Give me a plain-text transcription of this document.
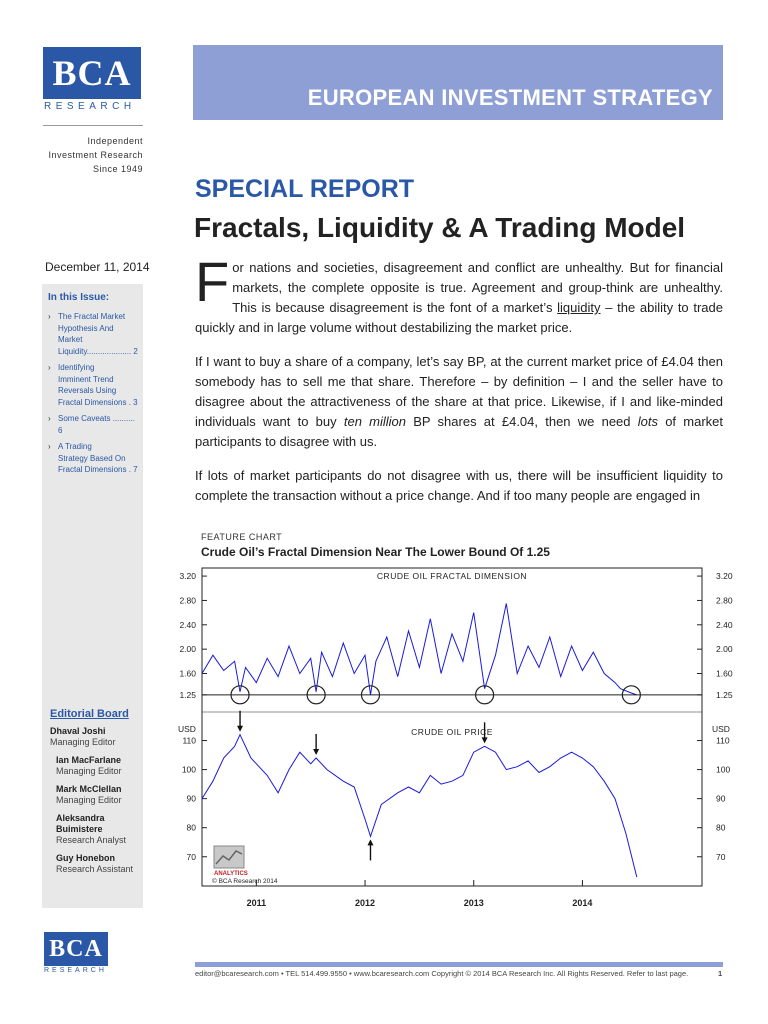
BCA
RESEARCH
Independent
Investment Research
Since 1949
EUROPEAN INVESTMENT STRATEGY
December 11, 2014
In this Issue:
› The Fractal Market
Hypothesis And Market
Liquidity.................... 2
› Identifying
Imminent Trend
Reversals Using
Fractal Dimensions . 3
› Some Caveats .......... 6
› A Trading
Strategy Based On
Fractal Dimensions . 7
Editorial Board
Dhaval Joshi
Managing Editor
Ian MacFarlane
Managing Editor
Mark McClellan
Managing Editor
Aleksandra
Buimistere
Research Analyst
Guy Honebon
Research Assistant
BCA
RESEARCH
SPECIAL REPORT
Fractals, Liquidity & A Trading Model

For nations and societies, disagreement and conflict are unhealthy. But for financial markets, the complete opposite is true. Agreement and group-think are unhealthy. This is because disagreement is the font of a market’s liquidity – the ability to trade quickly and in large volume without destabilizing the market price.

If I want to buy a share of a company, let’s say BP, at the current market price of £4.04 then somebody has to sell me that share. Therefore – by definition – I and the seller have to disagree about the attractiveness of the share at that price. Likewise, if I and like-minded individuals want to buy ten million BP shares at £4.04, then we need lots of market participants to disagree with us.

If lots of market participants do not disagree with us, there will be insufficient liquidity to complete the transaction without a price change. And if too many people are engaged in

FEATURE CHART
Crude Oil’s Fractal Dimension Near The Lower Bound Of 1.25
1.25	1.25
1.60	1.60
2.00	2.00
2.40	2.40
2.80	2.80
3.20	3.20
CRUDE OIL FRACTAL DIMENSION
70	70
80	80
90	90
100	100
110	110
USD	USD
CRUDE OIL PRICE
2011	2012	2013	2014
ANALYTICS
© BCA Research 2014
editor@bcaresearch.com • TEL 514.499.9550 • www.bcaresearch.com Copyright © 2014 BCA Research Inc. All Rights Reserved. Refer to last page.	1
